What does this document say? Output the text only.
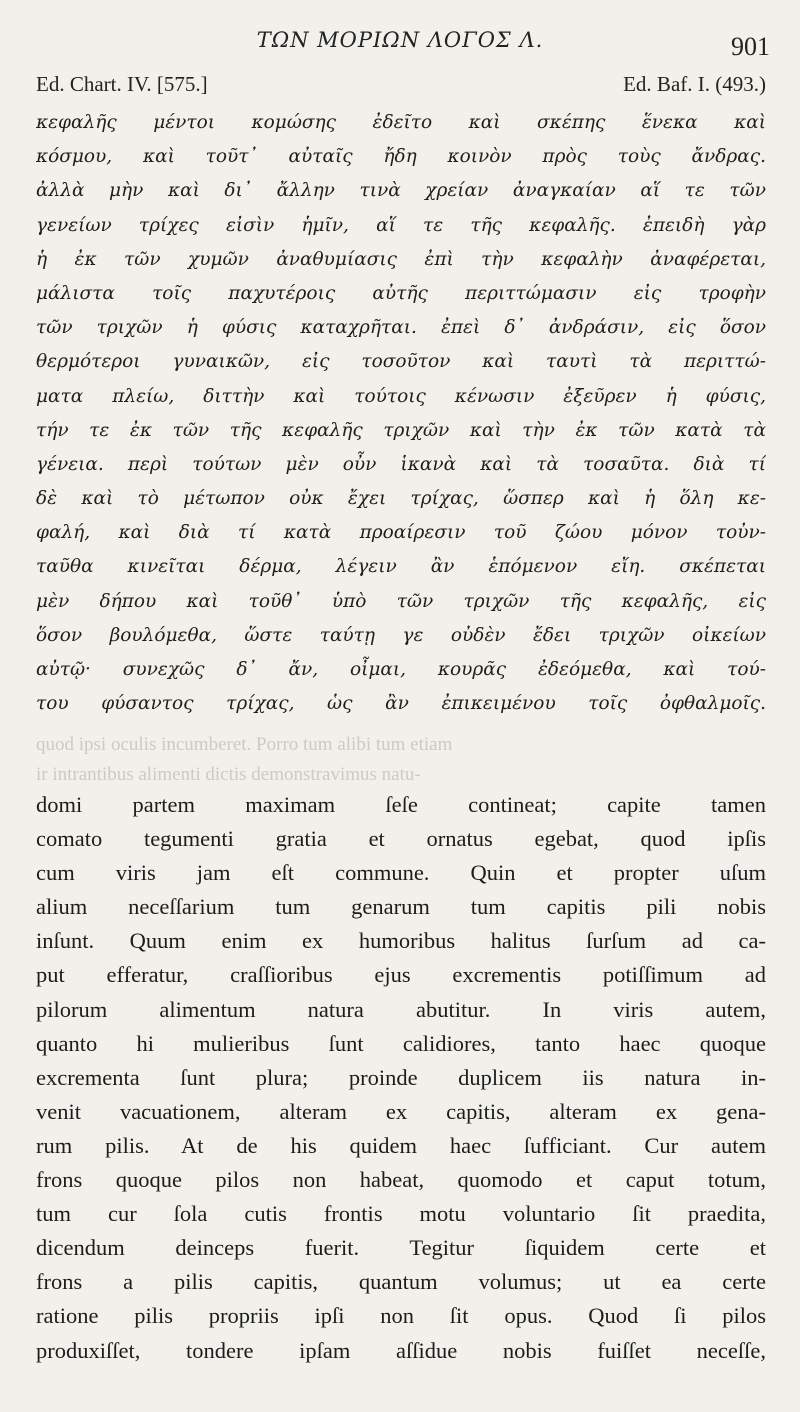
ΤΩΝ ΜΟΡΙΩΝ ΛΟΓΟΣ Λ.	901
Ed. Chart. IV. [575.]	Ed. Baf. I. (493.)
κεφαλῆς μέντοι κομώσης ἐδεῖτο καὶ σκέπης ἕνεκα καὶ
κόσμου, καὶ τοῦτ᾽ αὐταῖς ἤδη κοινὸν πρὸς τοὺς ἄνδρας.
ἀλλὰ μὴν καὶ δι᾽ ἄλλην τινὰ χρείαν ἀναγκαίαν αἵ τε τῶν
γενείων τρίχες εἰσὶν ἡμῖν, αἵ τε τῆς κεφαλῆς. ἐπειδὴ γὰρ
ἡ ἐκ τῶν χυμῶν ἀναθυμίασις ἐπὶ τὴν κεφαλὴν ἀναφέρεται,
μάλιστα τοῖς παχυτέροις αὐτῆς περιττώμασιν εἰς τροφὴν
τῶν τριχῶν ἡ φύσις καταχρῆται. ἐπεὶ δ᾽ ἀνδράσιν, εἰς ὅσον
θερμότεροι γυναικῶν, εἰς τοσοῦτον καὶ ταυτὶ τὰ περιττώ-
ματα πλείω, διττὴν καὶ τούτοις κένωσιν ἐξεῦρεν ἡ φύσις,
τήν τε ἐκ τῶν τῆς κεφαλῆς τριχῶν καὶ τὴν ἐκ τῶν κατὰ τὰ
γένεια. περὶ τούτων μὲν οὖν ἱκανὰ καὶ τὰ τοσαῦτα. διὰ τί
δὲ καὶ τὸ μέτωπον οὐκ ἔχει τρίχας, ὥσπερ καὶ ἡ ὅλη κε-
φαλή, καὶ διὰ τί κατὰ προαίρεσιν τοῦ ζώου μόνον τοὐν-
ταῦθα κινεῖται δέρμα, λέγειν ἂν ἑπόμενον εἴη. σκέπεται
μὲν δήπου καὶ τοῦθ᾽ ὑπὸ τῶν τριχῶν τῆς κεφαλῆς, εἰς
ὅσον βουλόμεθα, ὥστε ταύτῃ γε οὐδὲν ἔδει τριχῶν οἰκείων
αὐτῷ· συνεχῶς δ᾽ ἄν, οἶμαι, κουρᾶς ἐδεόμεθα, καὶ τού-
του φύσαντος τρίχας, ὡς ἂν ἐπικειμένου τοῖς ὀφθαλμοῖς.
quod ipsi oculis incumberet. Porro tum alibi tum etiam
ir intrantibus alimenti dictis demonstravimus natu-
domi partem maximam ſeſe contineat; capite tamen
comato tegumenti gratia et ornatus egebat, quod ipſis
cum viris jam eſt commune. Quin et propter uſum
alium neceſſarium tum genarum tum capitis pili nobis
inſunt. Quum enim ex humoribus halitus ſurſum ad ca-
put efferatur, craſſioribus ejus excrementis potiſſimum ad
pilorum alimentum natura abutitur. In viris autem,
quanto hi mulieribus ſunt calidiores, tanto haec quoque
excrementa ſunt plura; proinde duplicem iis natura in-
venit vacuationem, alteram ex capitis, alteram ex gena-
rum pilis. At de his quidem haec ſufficiant. Cur autem
frons quoque pilos non habeat, quomodo et caput totum,
tum cur ſola cutis frontis motu voluntario ſit praedita,
dicendum deinceps fuerit. Tegitur ſiquidem certe et
frons a pilis capitis, quantum volumus; ut ea certe
ratione pilis propriis ipſi non ſit opus. Quod ſi pilos
produxiſſet, tondere ipſam aſſidue nobis fuiſſet neceſſe,
